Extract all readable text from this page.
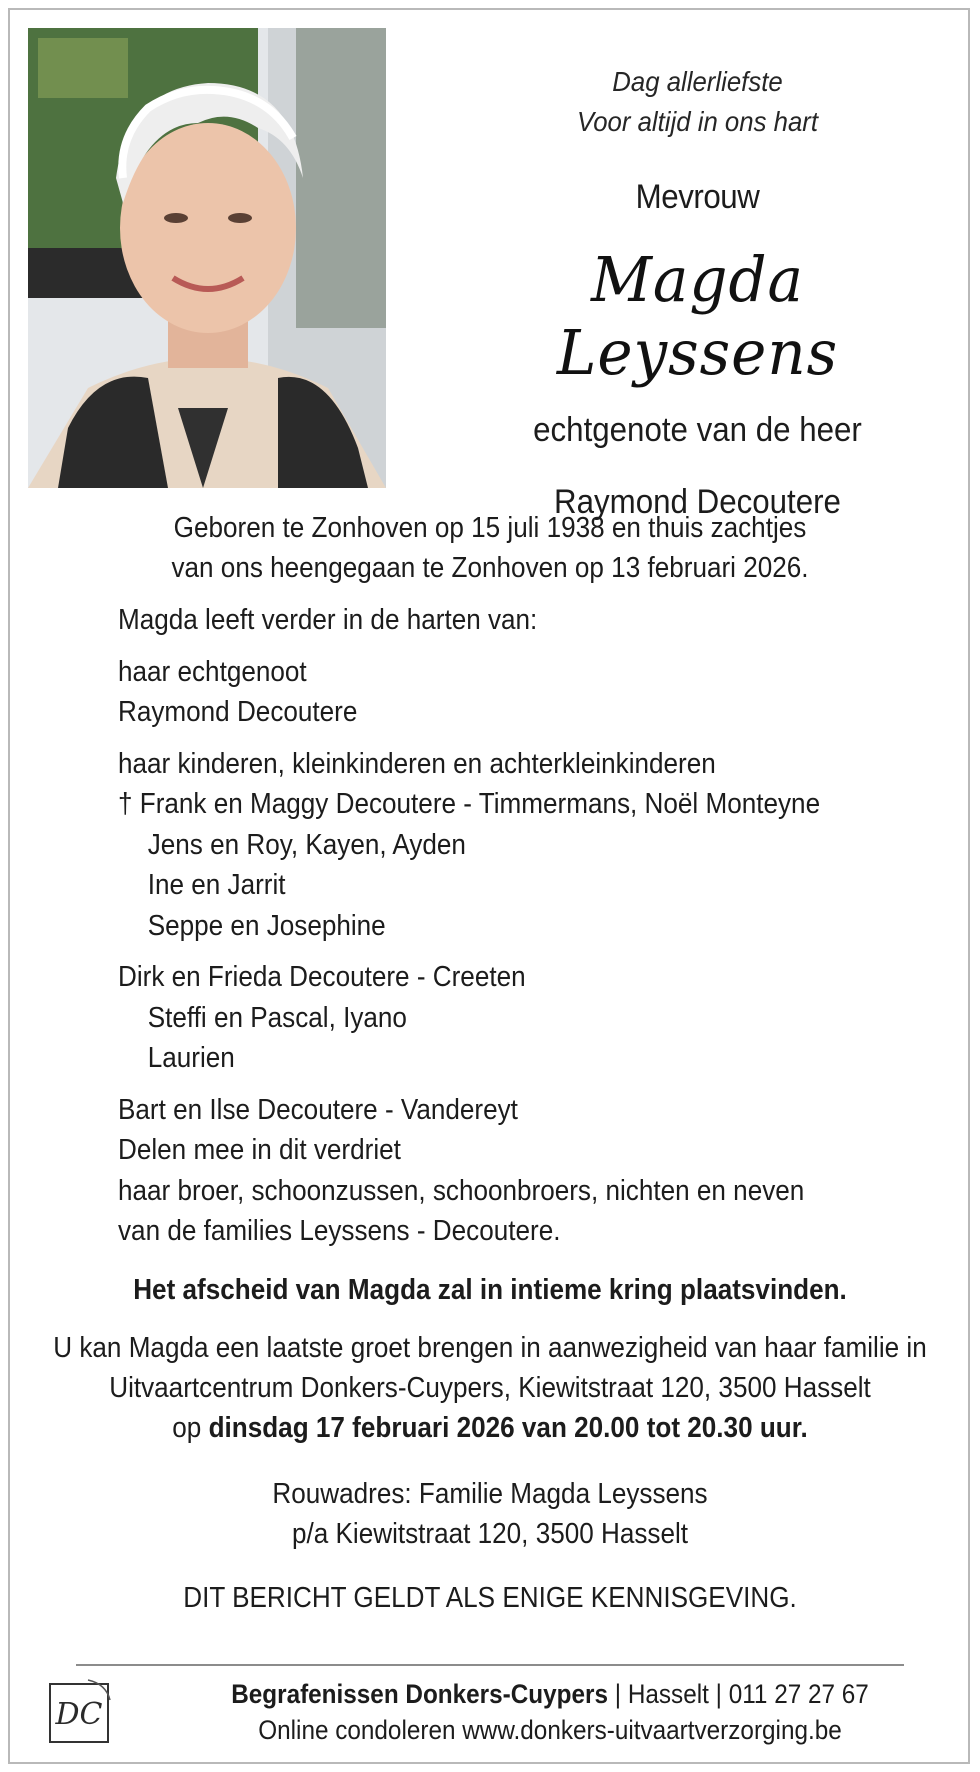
Dag allerliefste
Voor altijd in ons hart
Mevrouw
Magda Leyssens
echtgenote van de heer
Raymond Decoutere
Geboren te Zonhoven op 15 juli 1938 en thuis zachtjes
van ons heengegaan te Zonhoven op 13 februari 2026.

Magda leeft verder in de harten van:

haar echtgenoot

Raymond Decoutere

haar kinderen, kleinkinderen en achterkleinkinderen

† Frank en Maggy Decoutere - Timmermans, Noël Monteyne

Jens en Roy, Kayen, Ayden

Ine en Jarrit

Seppe en Josephine

Dirk en Frieda Decoutere - Creeten

Steffi en Pascal, Iyano

Laurien

Bart en Ilse Decoutere - Vandereyt

Delen mee in dit verdriet

haar broer, schoonzussen, schoonbroers, nichten en neven

van de families Leyssens - Decoutere.

Het afscheid van Magda zal in intieme kring plaatsvinden.

U kan Magda een laatste groet brengen in aanwezigheid van haar familie in

Uitvaartcentrum Donkers-Cuypers, Kiewitstraat 120, 3500 Hasselt

op dinsdag 17 februari 2026 van 20.00 tot 20.30 uur.

Rouwadres: Familie Magda Leyssens

p/a Kiewitstraat 120, 3500 Hasselt

DIT BERICHT GELDT ALS ENIGE KENNISGEVING.

DC

Begrafenissen Donkers-Cuypers | Hasselt | 011 27 27 67

Online condoleren www.donkers-uitvaartverzorging.be
